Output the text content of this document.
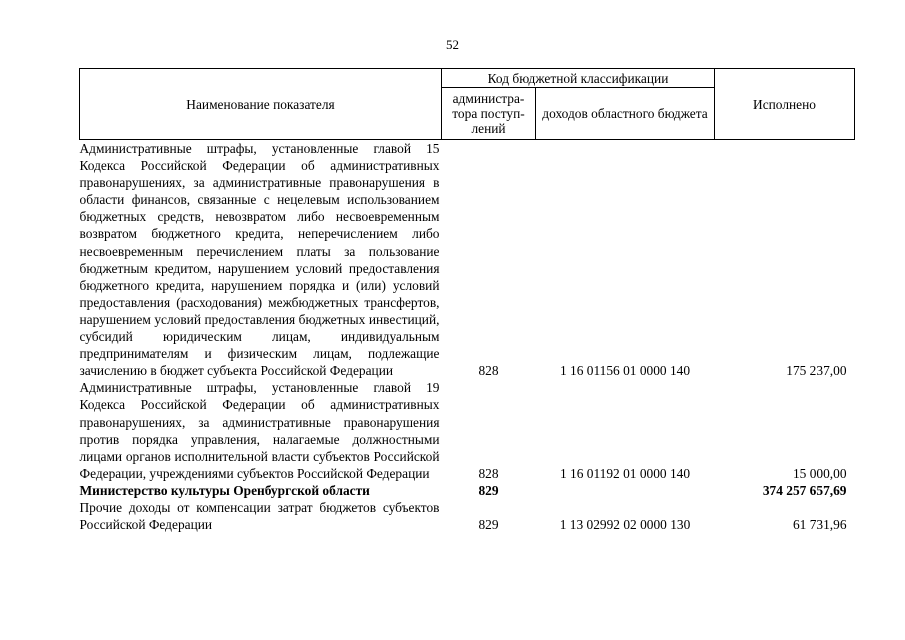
52
Наименование показателя	Код бюджетной классификации		Исполнено
	администра-тора поступ-лений	доходов областного бюджета	
Административные штрафы, установленные главой 15 Кодекса Российской Федерации об административных правонарушениях, за административные правонарушения в области финансов, связанные с нецелевым использованием бюджетных средств, невозвратом либо несвоевременным возвратом бюджетного кредита, неперечислением либо несвоевременным перечислением платы за пользование бюджетным кредитом, нарушением условий предоставления бюджетного кредита, нарушением порядка и (или) условий предоставления (расходования) межбюджетных трансфертов, нарушением условий предоставления бюджетных инвестиций, субсидий юридическим лицам, индивидуальным предпринимателям и физическим лицам, подлежащие зачислению в бюджет субъекта Российской Федерации	828	1 16 01156 01 0000 140	175 237,00
Административные штрафы, установленные главой 19 Кодекса Российской Федерации об административных правонарушениях, за административные правонарушения против порядка управления, налагаемые должностными лицами органов исполнительной власти субъектов Российской Федерации, учреждениями субъектов Российской Федерации	828	1 16 01192 01 0000 140	15 000,00
Министерство культуры Оренбургской области	829		374 257 657,69
Прочие доходы от компенсации затрат бюджетов субъектов Российской Федерации	829	1 13 02992 02 0000 130	61 731,96
